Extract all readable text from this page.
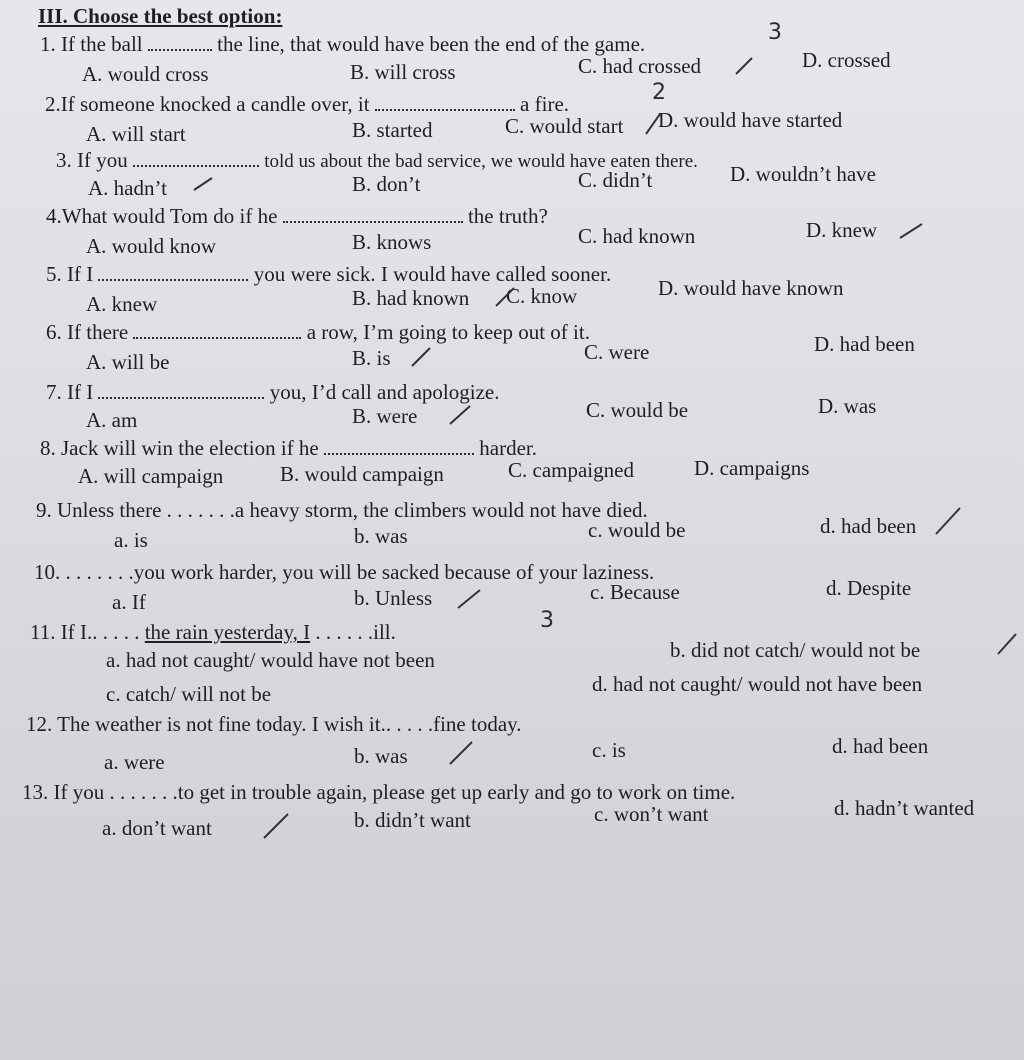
III. Choose the best option:
1. If the ball	the line, that would have been the end of the game.	3
A. would cross	B. will cross	C. had crossed	D. crossed
2.If someone knocked a candle over, it	a fire.	2
A. will start	B. started	C. would start D. would have started
3. If you	told us about the bad service, we would have eaten there.
A. hadn’t	B. don’t	C. didn’t	D. wouldn’t have
4.What would Tom do if he	the truth?
A. would know	B. knows	C. had known	D. knew
5. If I	you were sick. I would have called sooner.
A. knew	B. had known C. know	D. would have known
6. If there	a row, I’m going to keep out of it.
A. will be	B. is	C. were	D. had been
7. If I	you, I’d call and apologize.
A. am	B. were	C. would be	D. was
8. Jack will win the election if he	harder.
A. will campaign	B. would campaign	C. campaigned	D. campaigns
9. Unless there . . . . . . .a heavy storm, the climbers would not have died.
a. is	b. was	c. would be	d. had been
10. . . . . . . .you work harder, you will be sacked because of your laziness.
a. If	b. Unless	c. Because	d. Despite
11. If I.. . . . . the rain yesterday, I . . . . . .ill.	3
a. had not caught/ would have not been	b. did not catch/ would not be
c. catch/ will not be	d. had not caught/ would not have been
12. The weather is not fine today. I wish it.. . . . .fine today.
a. were	b. was	c. is	d. had been
13. If you . . . . . . .to get in trouble again, please get up early and go to work on time.
a. don’t want	b. didn’t want	c. won’t want	d. hadn’t wanted
